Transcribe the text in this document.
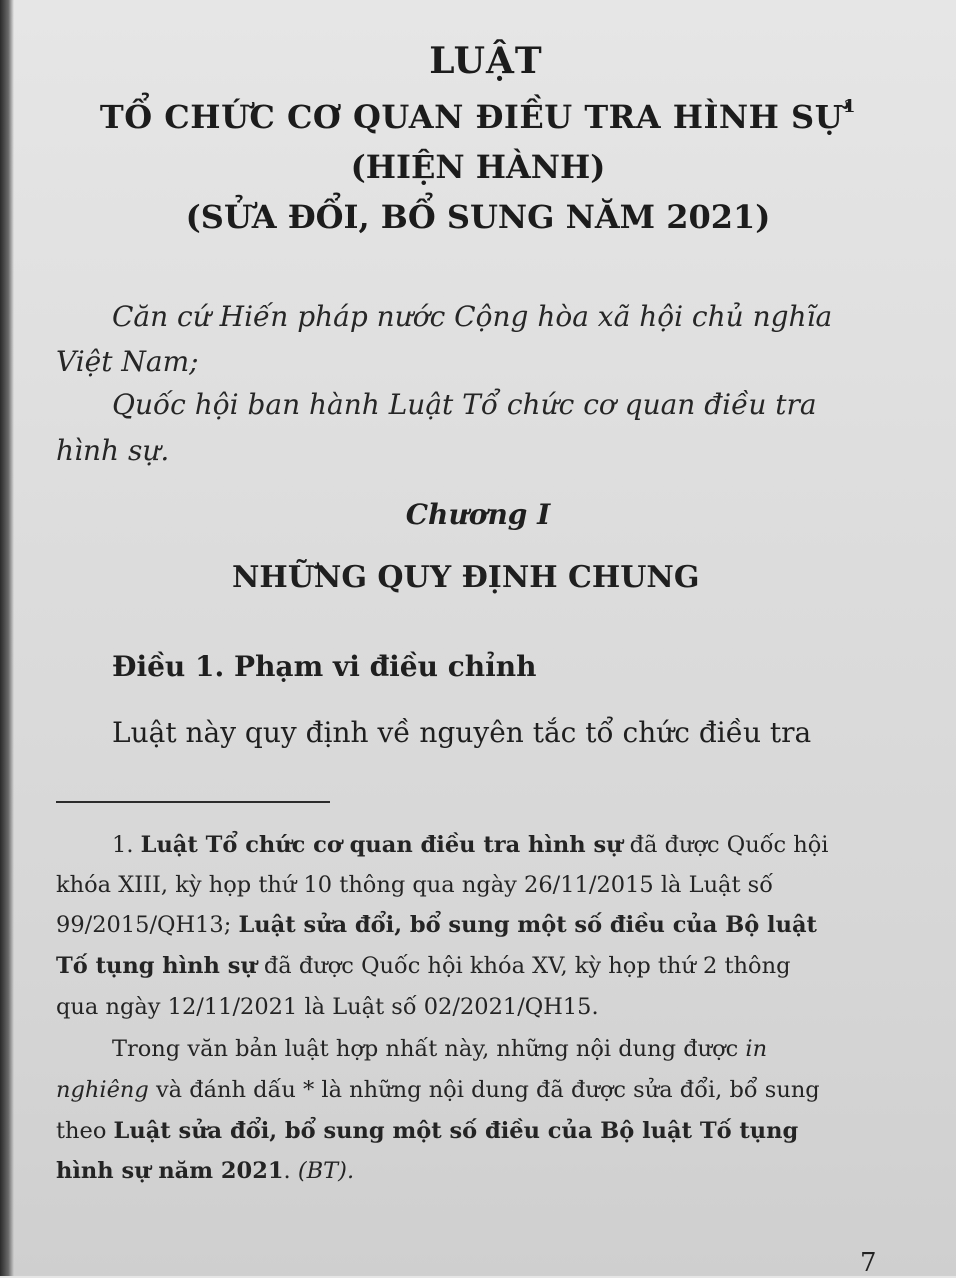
LUẬT
TỔ CHỨC CƠ QUAN ĐIỀU TRA HÌNH SỰ$^1$
(HIỆN HÀNH)
(SỬA ĐỔI, BỔ SUNG NĂM 2021)
Căn cứ Hiến pháp nước Cộng hòa xã hội chủ nghĩa
Việt Nam;
Quốc hội ban hành Luật Tổ chức cơ quan điều tra
hình sự.
Chương I
NHỮNG QUY ĐỊNH CHUNG
Điều 1. Phạm vi điều chỉnh
Luật này quy định về nguyên tắc tổ chức điều tra
1. Luật Tổ chức cơ quan điều tra hình sự đã được Quốc hội
khóa XIII, kỳ họp thứ 10 thông qua ngày 26/11/2015 là Luật số
99/2015/QH13; Luật sửa đổi, bổ sung một số điều của Bộ luật
Tố tụng hình sự đã được Quốc hội khóa XV, kỳ họp thứ 2 thông
qua ngày 12/11/2021 là Luật số 02/2021/QH15.
Trong văn bản luật hợp nhất này, những nội dung được in
nghiêng và đánh dấu * là những nội dung đã được sửa đổi, bổ sung
theo Luật sửa đổi, bổ sung một số điều của Bộ luật Tố tụng
hình sự năm 2021. (BT).
7
